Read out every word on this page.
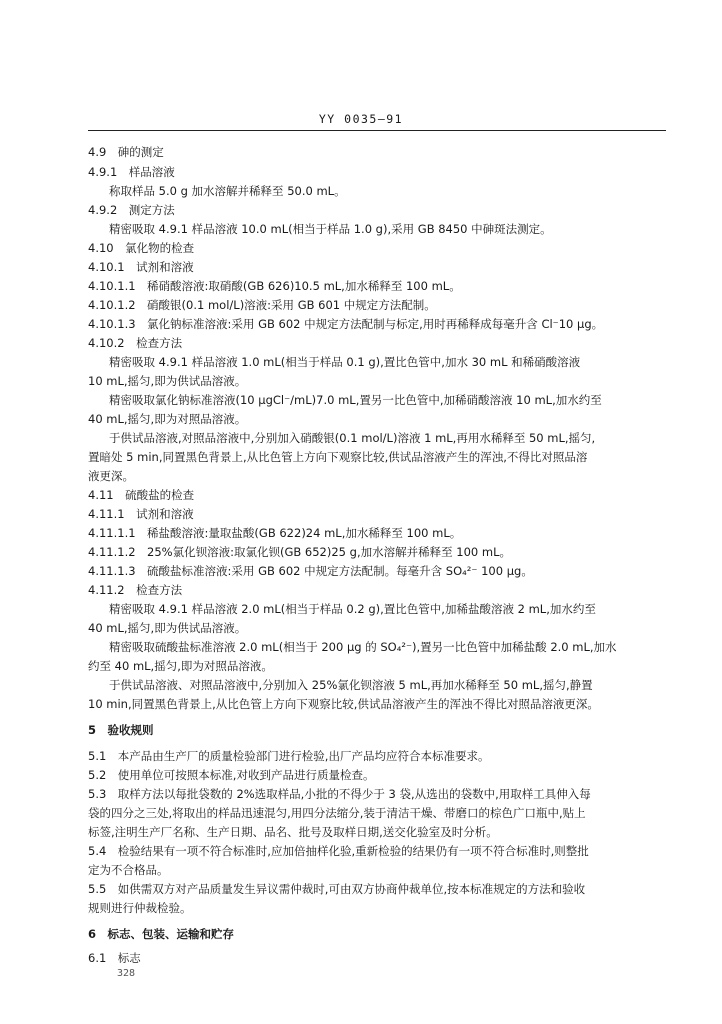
YY 0035—91
4.9　砷的测定
4.9.1　样品溶液
称取样品 5.0 g 加水溶解并稀释至 50.0 mL。
4.9.2　测定方法
精密吸取 4.9.1 样品溶液 10.0 mL(相当于样品 1.0 g),采用 GB 8450 中砷斑法测定。
4.10　氯化物的检查
4.10.1　试剂和溶液
4.10.1.1　稀硝酸溶液:取硝酸(GB 626)10.5 mL,加水稀释至 100 mL。
4.10.1.2　硝酸银(0.1 mol/L)溶液:采用 GB 601 中规定方法配制。
4.10.1.3　氯化钠标准溶液:采用 GB 602 中规定方法配制与标定,用时再稀释成每毫升含 Cl⁻10 μg。
4.10.2　检查方法
精密吸取 4.9.1 样品溶液 1.0 mL(相当于样品 0.1 g),置比色管中,加水 30 mL 和稀硝酸溶液
10 mL,摇匀,即为供试品溶液。
精密吸取氯化钠标准溶液(10 μgCl⁻/mL)7.0 mL,置另一比色管中,加稀硝酸溶液 10 mL,加水约至
40 mL,摇匀,即为对照品溶液。
于供试品溶液,对照品溶液中,分别加入硝酸银(0.1 mol/L)溶液 1 mL,再用水稀释至 50 mL,摇匀,
置暗处 5 min,同置黑色背景上,从比色管上方向下观察比较,供试品溶液产生的浑浊,不得比对照品溶
液更深。
4.11　硫酸盐的检查
4.11.1　试剂和溶液
4.11.1.1　稀盐酸溶液:量取盐酸(GB 622)24 mL,加水稀释至 100 mL。
4.11.1.2　25%氯化钡溶液:取氯化钡(GB 652)25 g,加水溶解并稀释至 100 mL。
4.11.1.3　硫酸盐标准溶液:采用 GB 602 中规定方法配制。每毫升含 SO₄²⁻ 100 μg。
4.11.2　检查方法
精密吸取 4.9.1 样品溶液 2.0 mL(相当于样品 0.2 g),置比色管中,加稀盐酸溶液 2 mL,加水约至
40 mL,摇匀,即为供试品溶液。
精密吸取硫酸盐标准溶液 2.0 mL(相当于 200 μg 的 SO₄²⁻),置另一比色管中加稀盐酸 2.0 mL,加水
约至 40 mL,摇匀,即为对照品溶液。
于供试品溶液、对照品溶液中,分别加入 25%氯化钡溶液 5 mL,再加水稀释至 50 mL,摇匀,静置
10 min,同置黑色背景上,从比色管上方向下观察比较,供试品溶液产生的浑浊不得比对照品溶液更深。
5　验收规则
5.1　本产品由生产厂的质量检验部门进行检验,出厂产品均应符合本标准要求。
5.2　使用单位可按照本标准,对收到产品进行质量检查。
5.3　取样方法以每批袋数的 2%选取样品,小批的不得少于 3 袋,从选出的袋数中,用取样工具伸入每
袋的四分之三处,将取出的样品迅速混匀,用四分法缩分,装于清洁干燥、带磨口的棕色广口瓶中,贴上
标签,注明生产厂名称、生产日期、品名、批号及取样日期,送交化验室及时分析。
5.4　检验结果有一项不符合标准时,应加倍抽样化验,重新检验的结果仍有一项不符合标准时,则整批
定为不合格品。
5.5　如供需双方对产品质量发生异议需仲裁时,可由双方协商仲裁单位,按本标准规定的方法和验收
规则进行仲裁检验。
6　标志、包装、运输和贮存
6.1　标志
328
